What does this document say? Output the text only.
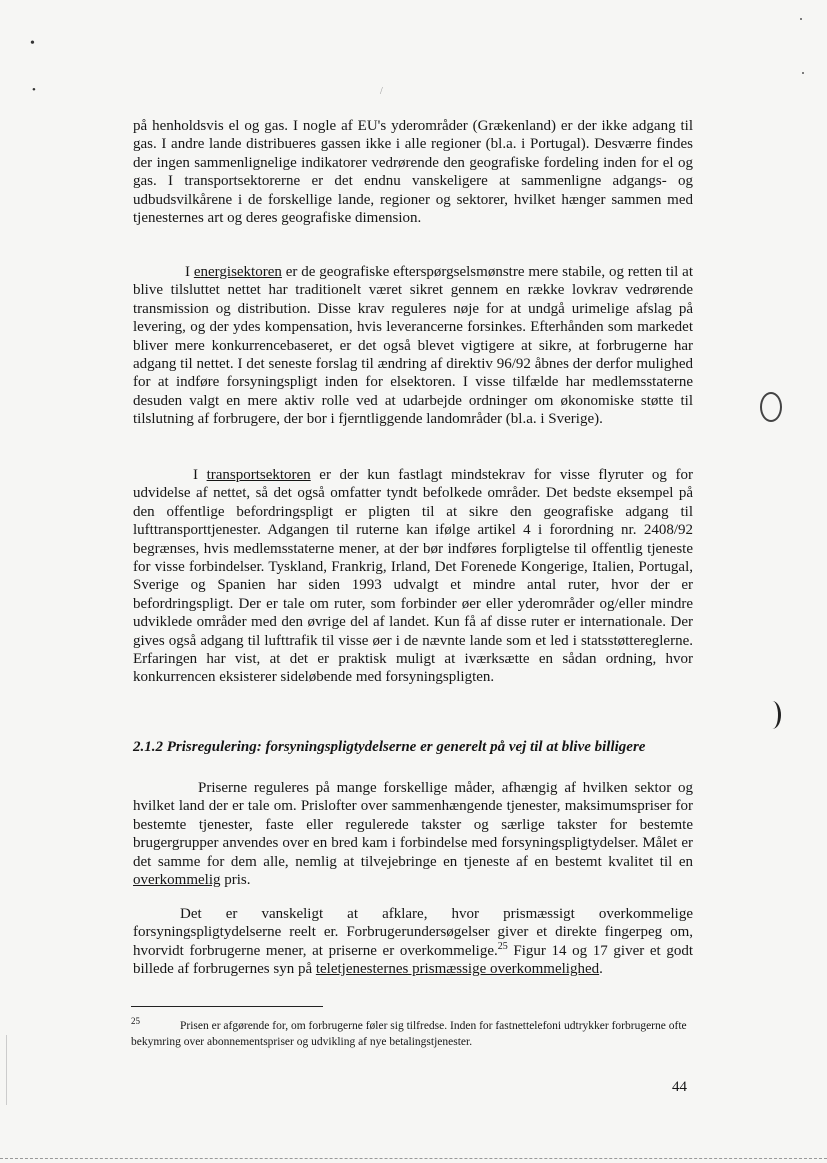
•
•	/

på henholdsvis el og gas. I nogle af EU's yderområder (Grækenland) er der ikke adgang til gas. I andre lande distribueres gassen ikke i alle regioner (bl.a. i Portugal). Desværre findes der ingen sammenlignelige indikatorer vedrørende den geografiske fordeling inden for el og gas. I transportsektorerne er det endnu vanskeligere at sammenligne adgangs- og udbudsvilkårene i de forskellige lande, regioner og sektorer, hvilket hænger sammen med tjenesternes art og deres geografiske dimension.

I energisektoren er de geografiske efterspørgselsmønstre mere stabile, og retten til at blive tilsluttet nettet har traditionelt været sikret gennem en række lovkrav vedrørende transmission og distribution. Disse krav reguleres nøje for at undgå urimelige afslag på levering, og der ydes kompensation, hvis leverancerne forsinkes. Efterhånden som markedet bliver mere konkurrencebaseret, er det også blevet vigtigere at sikre, at forbrugerne har adgang til nettet. I det seneste forslag til ændring af direktiv 96/92 åbnes der derfor mulighed for at indføre forsyningspligt inden for elsektoren. I visse tilfælde har medlemsstaterne desuden valgt en mere aktiv rolle ved at udarbejde ordninger om økonomiske støtte til tilslutning af forbrugere, der bor i fjerntliggende landområder (bl.a. i Sverige).

I transportsektoren er der kun fastlagt mindstekrav for visse flyruter og for udvidelse af nettet, så det også omfatter tyndt befolkede områder. Det bedste eksempel på den offentlige befordringspligt er pligten til at sikre den geografiske adgang til lufttransporttjenester. Adgangen til ruterne kan ifølge artikel 4 i forordning nr. 2408/92 begrænses, hvis medlemsstaterne mener, at der bør indføres forpligtelse til offentlig tjeneste for visse forbindelser. Tyskland, Frankrig, Irland, Det Forenede Kongerige, Italien, Portugal, Sverige og Spanien har siden 1993 udvalgt et mindre antal ruter, hvor der er befordringspligt. Der er tale om ruter, som forbinder øer eller yderområder og/eller mindre udviklede områder med den øvrige del af landet. Kun få af disse ruter er internationale. Der gives også adgang til lufttrafik til visse øer i de nævnte lande som et led i statsstøttereglerne. Erfaringen har vist, at det er praktisk muligt at iværksætte en sådan ordning, hvor konkurrencen eksisterer sideløbende med forsyningspligten.

2.1.2 Prisregulering: forsyningspligtydelserne er generelt på vej til at blive billigere

Priserne reguleres på mange forskellige måder, afhængig af hvilken sektor og hvilket land der er tale om. Prislofter over sammenhængende tjenester, maksimumspriser for bestemte tjenester, faste eller regulerede takster og særlige takster for bestemte brugergrupper anvendes over en bred kam i forbindelse med forsyningspligtydelser. Målet er det samme for dem alle, nemlig at tilvejebringe en tjeneste af en bestemt kvalitet til en overkommelig pris.

Det er vanskeligt at afklare, hvor prismæssigt overkommelige forsyningspligtydelserne reelt er. Forbrugerundersøgelser giver et direkte fingerpeg om, hvorvidt forbrugerne mener, at priserne er overkommelige.$^{25}$ Figur 14 og 17 giver et godt billede af forbrugernes syn på teletjenesternes prismæssige overkommelighed.

$^{25}$	Prisen er afgørende for, om forbrugerne føler sig tilfredse. Inden for fastnettelefoni udtrykker forbrugerne ofte bekymring over abonnementspriser og udvikling af nye betalingstjenester.
44
